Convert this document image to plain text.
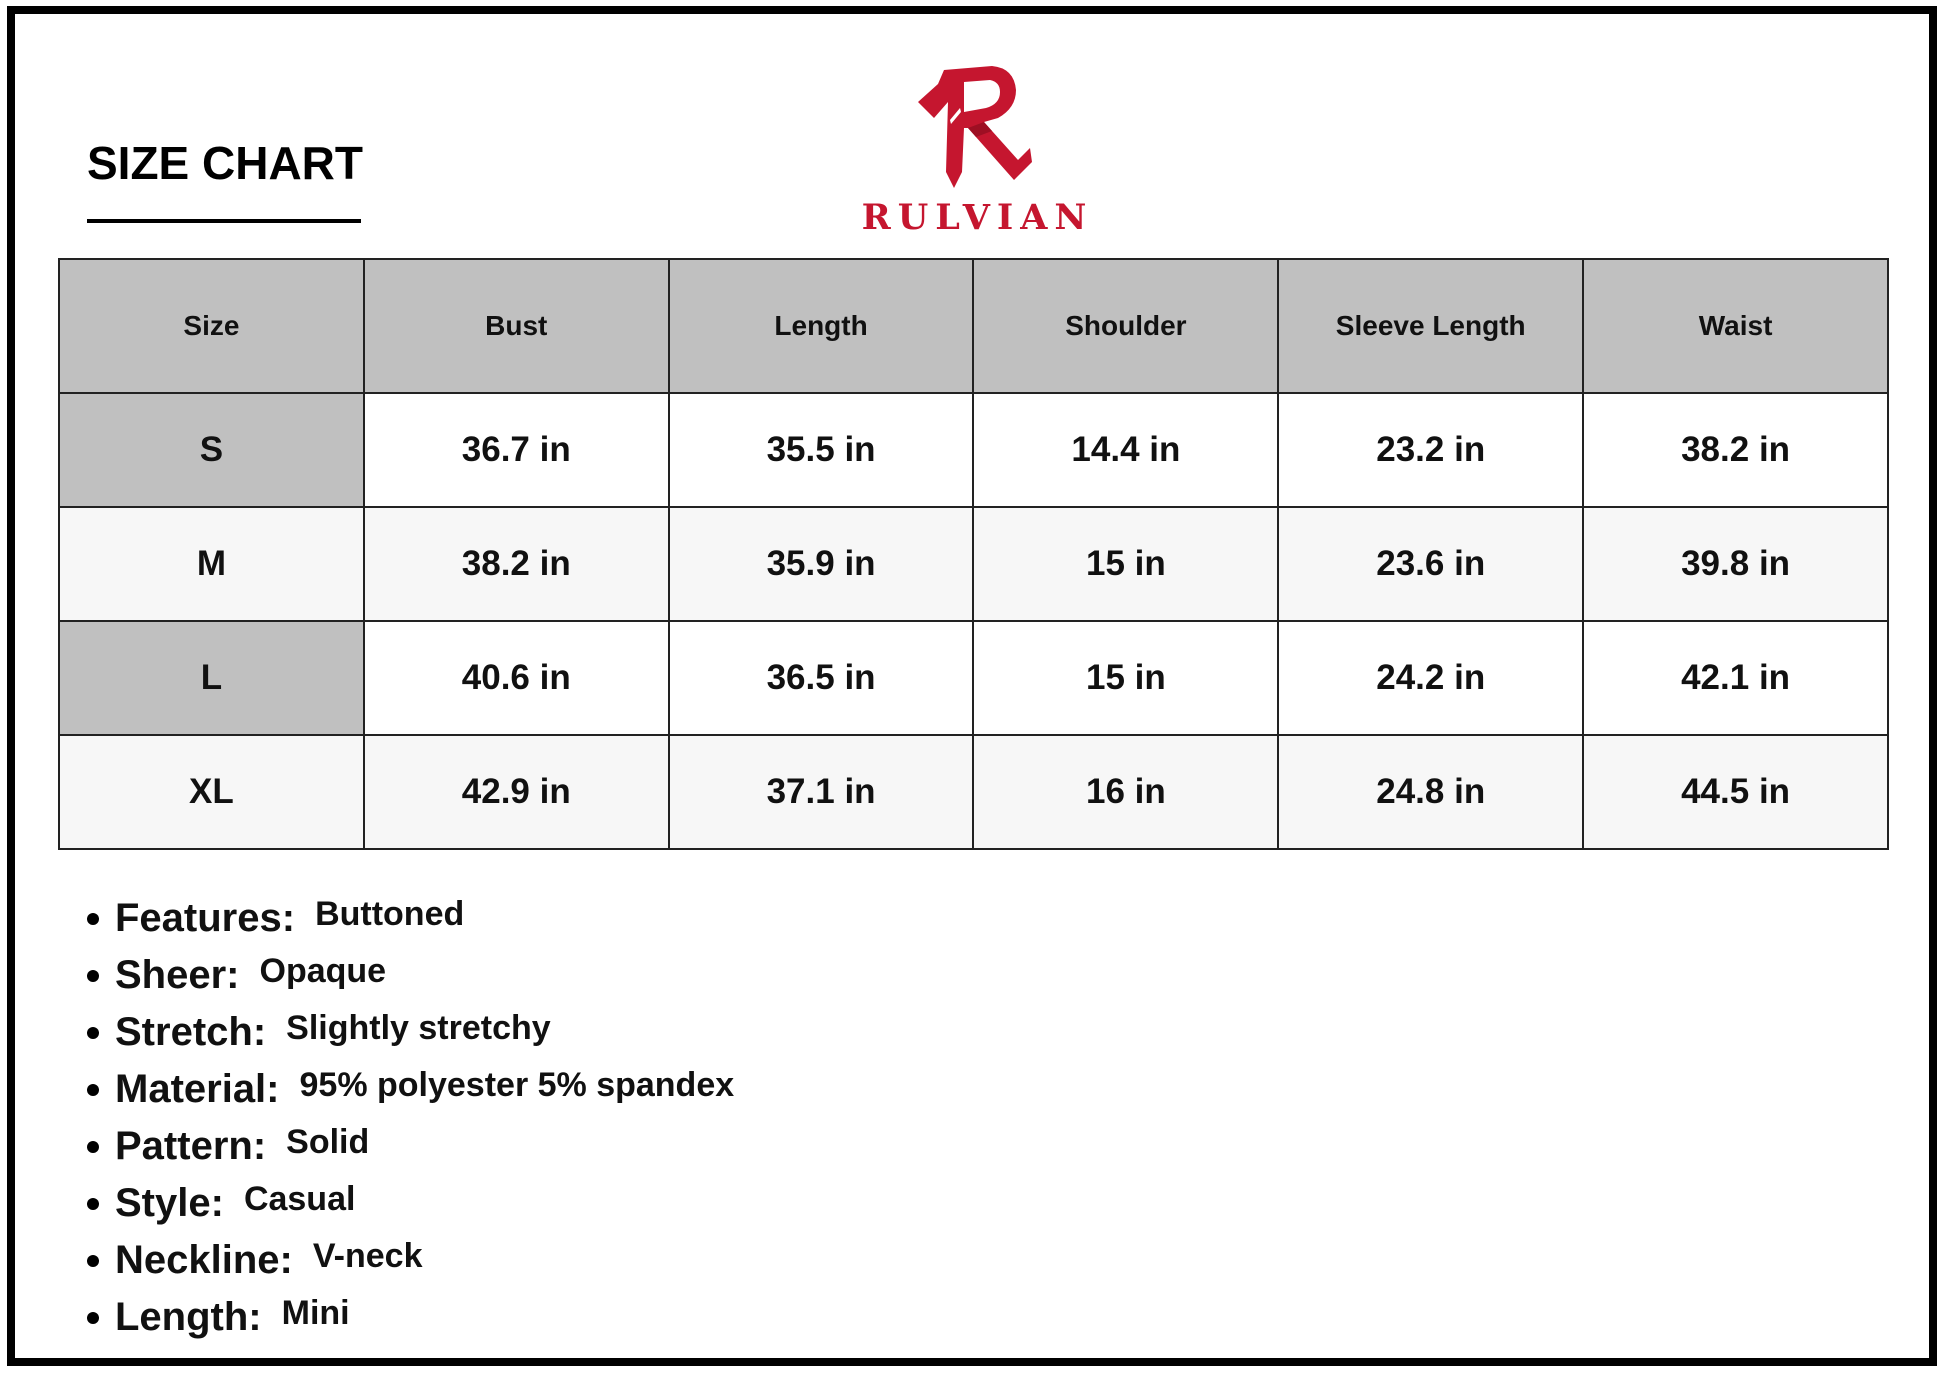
SIZE CHART
RULVIAN
Size	Bust	Length	Shoulder	Sleeve Length	Waist
S	36.7 in	35.5 in	14.4 in	23.2 in	38.2 in
M	38.2 in	35.9 in	15 in	23.6 in	39.8 in
L	40.6 in	36.5 in	15 in	24.2 in	42.1 in
XL	42.9 in	37.1 in	16 in	24.8 in	44.5 in
Features: Buttoned
Sheer: Opaque
Stretch: Slightly stretchy
Material: 95% polyester 5% spandex
Pattern: Solid
Style: Casual
Neckline: V-neck
Length: Mini
